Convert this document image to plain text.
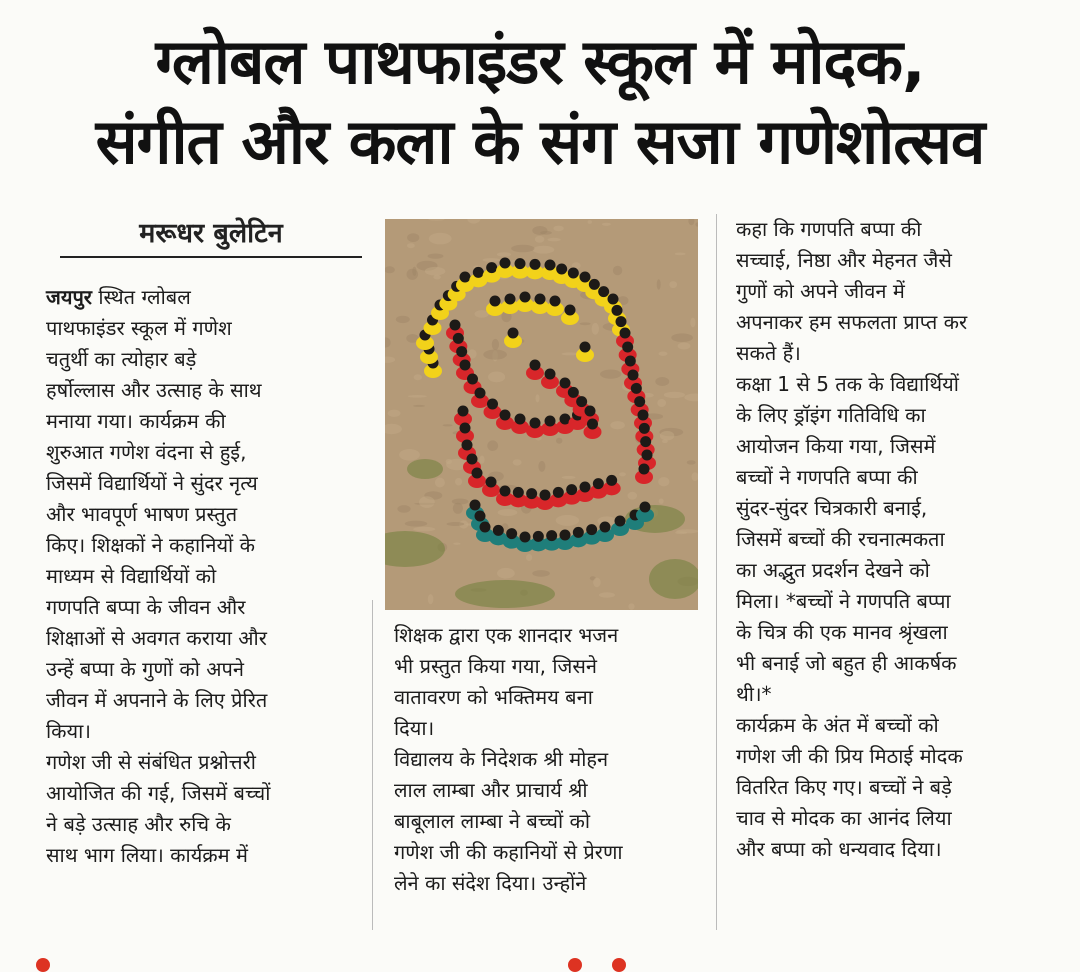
ग्लोबल पाथफाइंडर स्कूल में मोदक,
संगीत और कला के संग सजा गणेशोत्सव
मरूधर बुलेटिन

जयपुर स्थित ग्लोबल

पाथफाइंडर स्कूल में गणेश

चतुर्थी का त्योहार बड़े

हर्षोल्लास और उत्साह के साथ

मनाया गया। कार्यक्रम की

शुरुआत गणेश वंदना से हुई,

जिसमें विद्यार्थियों ने सुंदर नृत्य

और भावपूर्ण भाषण प्रस्तुत

किए। शिक्षकों ने कहानियों के

माध्यम से विद्यार्थियों को

गणपति बप्पा के जीवन और

शिक्षाओं से अवगत कराया और

उन्हें बप्पा के गुणों को अपने

जीवन में अपनाने के लिए प्रेरित

किया।

गणेश जी से संबंधित प्रश्नोत्तरी

आयोजित की गई, जिसमें बच्चों

ने बड़े उत्साह और रुचि के

साथ भाग लिया। कार्यक्रम में

शिक्षक द्वारा एक शानदार भजन

भी प्रस्तुत किया गया, जिसने

वातावरण को भक्तिमय बना

दिया।

विद्यालय के निदेशक श्री मोहन

लाल लाम्बा और प्राचार्य श्री

बाबूलाल लाम्बा ने बच्चों को

गणेश जी की कहानियों से प्रेरणा

लेने का संदेश दिया। उन्होंने

कहा कि गणपति बप्पा की

सच्चाई, निष्ठा और मेहनत जैसे

गुणों को अपने जीवन में

अपनाकर हम सफलता प्राप्त कर

सकते हैं।

कक्षा 1 से 5 तक के विद्यार्थियों

के लिए ड्रॉइंग गतिविधि का

आयोजन किया गया, जिसमें

बच्चों ने गणपति बप्पा की

सुंदर-सुंदर चित्रकारी बनाई,

जिसमें बच्चों की रचनात्मकता

का अद्भुत प्रदर्शन देखने को

मिला। *बच्चों ने गणपति बप्पा

के चित्र की एक मानव श्रृंखला

भी बनाई जो बहुत ही आकर्षक

थी।*

कार्यक्रम के अंत में बच्चों को

गणेश जी की प्रिय मिठाई मोदक

वितरित किए गए। बच्चों ने बड़े

चाव से मोदक का आनंद लिया

और बप्पा को धन्यवाद दिया।
